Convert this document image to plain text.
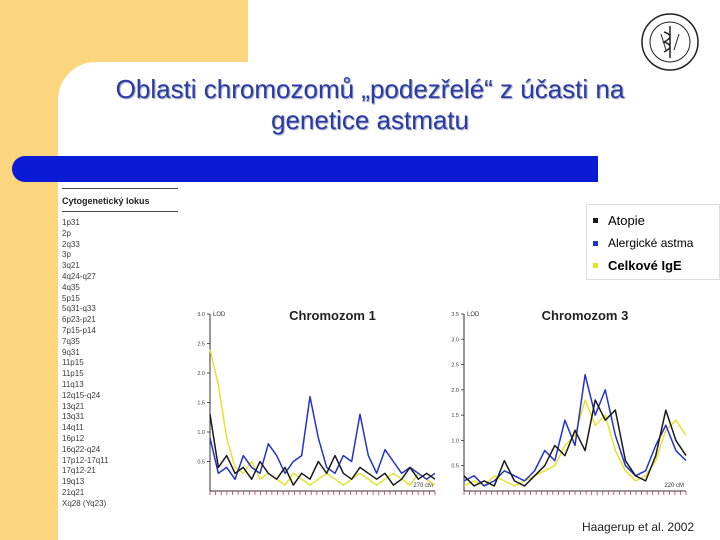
Oblasti chromozomů „podezřelé“ z účasti na genetice astmatu
Cytogenetický lokus
1p31
2p
2q33
3p
3q21
4q24-q27
4q35
5p15
5q31-q33
6p23-p21
7p15-p14
7q35
9q31
11p15
11p15
11q13
12q15-q24
13q21
13q31
14q11
16p12
16q22-q24
17p12-17q11
17q12-21
19q13
21q21
Xq28 (Yq23)
Atopie
Alergické astma
Celkové IgE
Chromozom 1
LOD
0.5
1.0
1.5
2.0
2.5
3.0
270 cM
Chromozom 3
LOD
0.5
1.0
1.5
2.0
2.5
3.0
3.5
220 cM
Haagerup et al. 2002
